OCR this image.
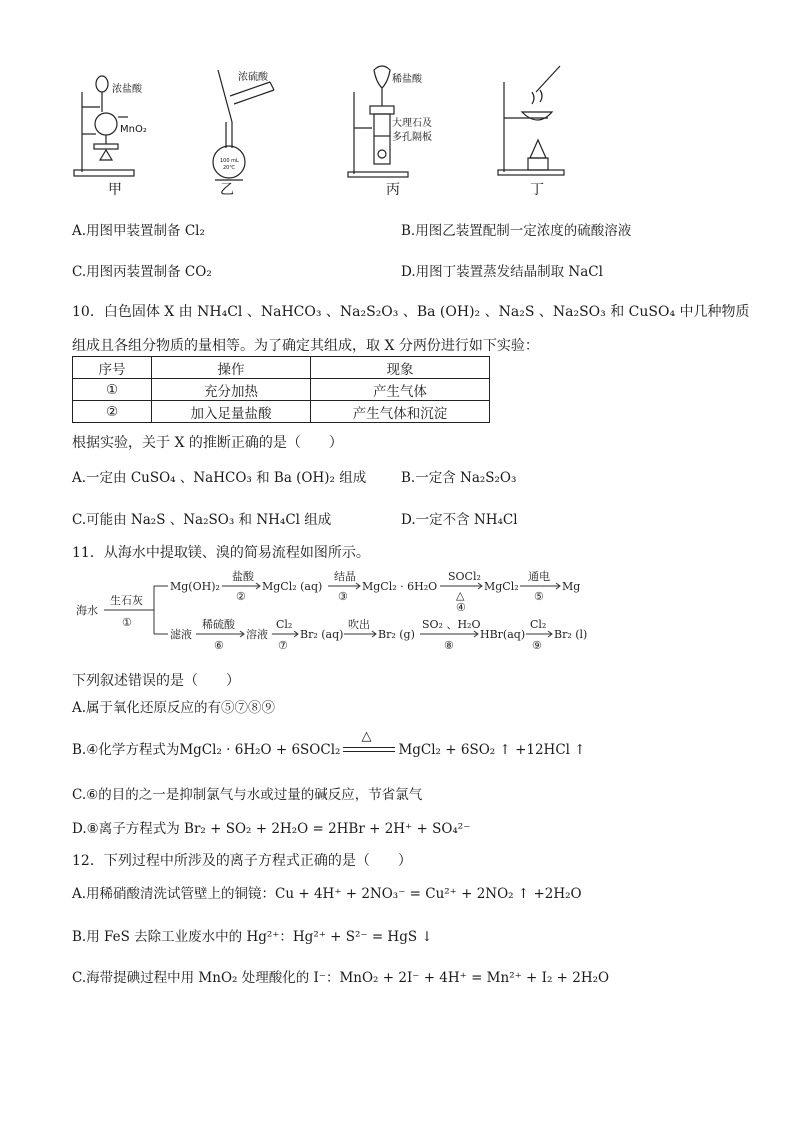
浓盐酸
MnO₂
甲
浓硫酸
100 mL
20℃
乙
稀盐酸
大理石及
多孔隔板
丙	丁
A.用图甲装置制备 Cl₂	B.用图乙装置配制一定浓度的硫酸溶液
C.用图丙装置制备 CO₂	D.用图丁装置蒸发结晶制取 NaCl
10．白色固体 X 由 NH₄Cl 、NaHCO₃ 、Na₂S₂O₃ 、Ba (OH)₂ 、Na₂S 、Na₂SO₃ 和 CuSO₄ 中几种物质
组成且各组分物质的量相等。为了确定其组成，取 X 分两份进行如下实验：
序号	操作	现象
①	充分加热	产生气体
②	加入足量盐酸	产生气体和沉淀
根据实验，关于 X 的推断正确的是（　　）
A.一定由 CuSO₄ 、NaHCO₃ 和 Ba (OH)₂ 组成	B.一定含 Na₂S₂O₃
C.可能由 Na₂S 、Na₂SO₃ 和 NH₄Cl 组成	D.一定不含 NH₄Cl
11．从海水中提取镁、溴的简易流程如图所示。
海水
生石灰
①
Mg(OH)₂
盐酸
②
MgCl₂ (aq)
结晶
③
MgCl₂ · 6H₂O
SOCl₂
△
④
MgCl₂
通电
⑤
Mg
滤液
稀硫酸
⑥
溶液
Cl₂
⑦
Br₂ (aq)
吹出
Br₂ (g)
SO₂ 、H₂O
⑧
HBr(aq)
Cl₂
⑨
Br₂ (l)
下列叙述错误的是（　　）
A.属于氧化还原反应的有⑤⑦⑧⑨
B.④化学方程式为MgCl₂ · 6H₂O + 6SOCl₂
△
MgCl₂ + 6SO₂ ↑ +12HCl ↑
C.⑥的目的之一是抑制氯气与水或过量的碱反应，节省氯气
D.⑧离子方程式为 Br₂ + SO₂ + 2H₂O = 2HBr + 2H⁺ + SO₄²⁻
12．下列过程中所涉及的离子方程式正确的是（　　）
A.用稀硝酸清洗试管壁上的铜镜：Cu + 4H⁺ + 2NO₃⁻ = Cu²⁺ + 2NO₂ ↑ +2H₂O
B.用 FeS 去除工业废水中的 Hg²⁺：Hg²⁺ + S²⁻ = HgS ↓
C.海带提碘过程中用 MnO₂ 处理酸化的 I⁻：MnO₂ + 2I⁻ + 4H⁺ = Mn²⁺ + I₂ + 2H₂O
